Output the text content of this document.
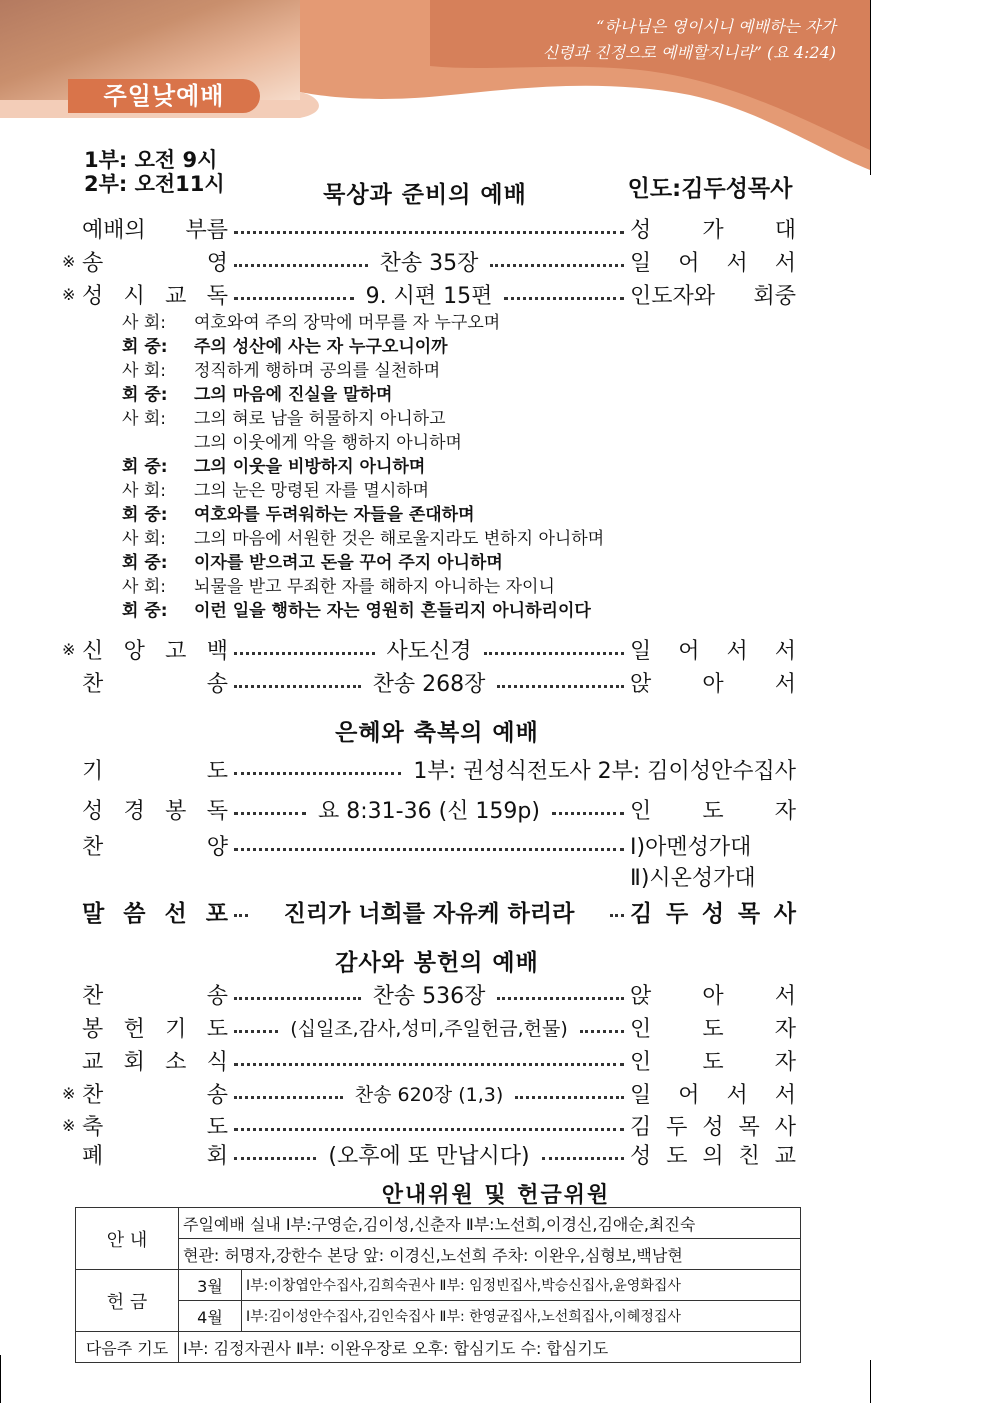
주일낮예배
“하나님은 영이시니 예배하는 자가
신령과 진정으로 예배할지니라” (요 4:24)
1부: 오전 9시
2부: 오전11시	묵상과 준비의 예배	인도:김두성목사
예배의 부름	성 가 대
※ 송	영	찬송 35장	일 어 서 서
※ 성 시 교 독	9. 시편 15편	인도자와 회중
사 회: 여호와여 주의 장막에 머무를 자 누구오며
회 중: 주의 성산에 사는 자 누구오니이까
사 회: 정직하게 행하며 공의를 실천하며
회 중: 그의 마음에 진실을 말하며
사 회: 그의 혀로 남을 허물하지 아니하고
그의 이웃에게 악을 행하지 아니하며
회 중: 그의 이웃을 비방하지 아니하며
사 회: 그의 눈은 망령된 자를 멸시하며
회 중: 여호와를 두려워하는 자들을 존대하며
사 회: 그의 마음에 서원한 것은 해로울지라도 변하지 아니하며
회 중: 이자를 받으려고 돈을 꾸어 주지 아니하며
사 회: 뇌물을 받고 무죄한 자를 해하지 아니하는 자이니
회 중: 이런 일을 행하는 자는 영원히 흔들리지 아니하리이다
※ 신 앙 고 백	사도신경	일 어 서 서
찬	송	찬송 268장	앉 아 서
은혜와 축복의 예배
기	도	1부: 권성식전도사 2부: 김이성안수집사
성 경 봉 독	요 8:31-36 (신 159p)	인 도 자
찬	양	Ⅰ)아멘성가대
Ⅱ)시온성가대
말 씀 선 포	진리가 너희를 자유케 하리라	김 두 성 목 사
감사와 봉헌의 예배
찬	송	찬송 536장	앉 아 서
봉 헌 기 도	(십일조,감사,성미,주일헌금,헌물)	인 도 자
교 회 소 식	인 도 자
※ 찬	송	찬송 620장 (1,3)	일 어 서 서
※ 축	도	김 두 성 목 사
폐	회	(오후에 또 만납시다)	성 도 의 친 교
안내위원 및 헌금위원
안 내	주일예배 실내 Ⅰ부:구영순,김이성,신춘자 Ⅱ부:노선희,이경신,김애순,최진숙	
	현관: 허명자,강한수 본당 앞: 이경신,노선희 주차: 이완우,심형보,백남현	
헌 금	3월	Ⅰ부:이창엽안수집사,김희숙권사 Ⅱ부: 임정빈집사,박승신집사,윤영화집사
	4월	Ⅰ부:김이성안수집사,김인숙집사 Ⅱ부: 한영균집사,노선희집사,이혜정집사
다음주 기도	Ⅰ부: 김정자권사 Ⅱ부: 이완우장로 오후: 합심기도 수: 합심기도	
